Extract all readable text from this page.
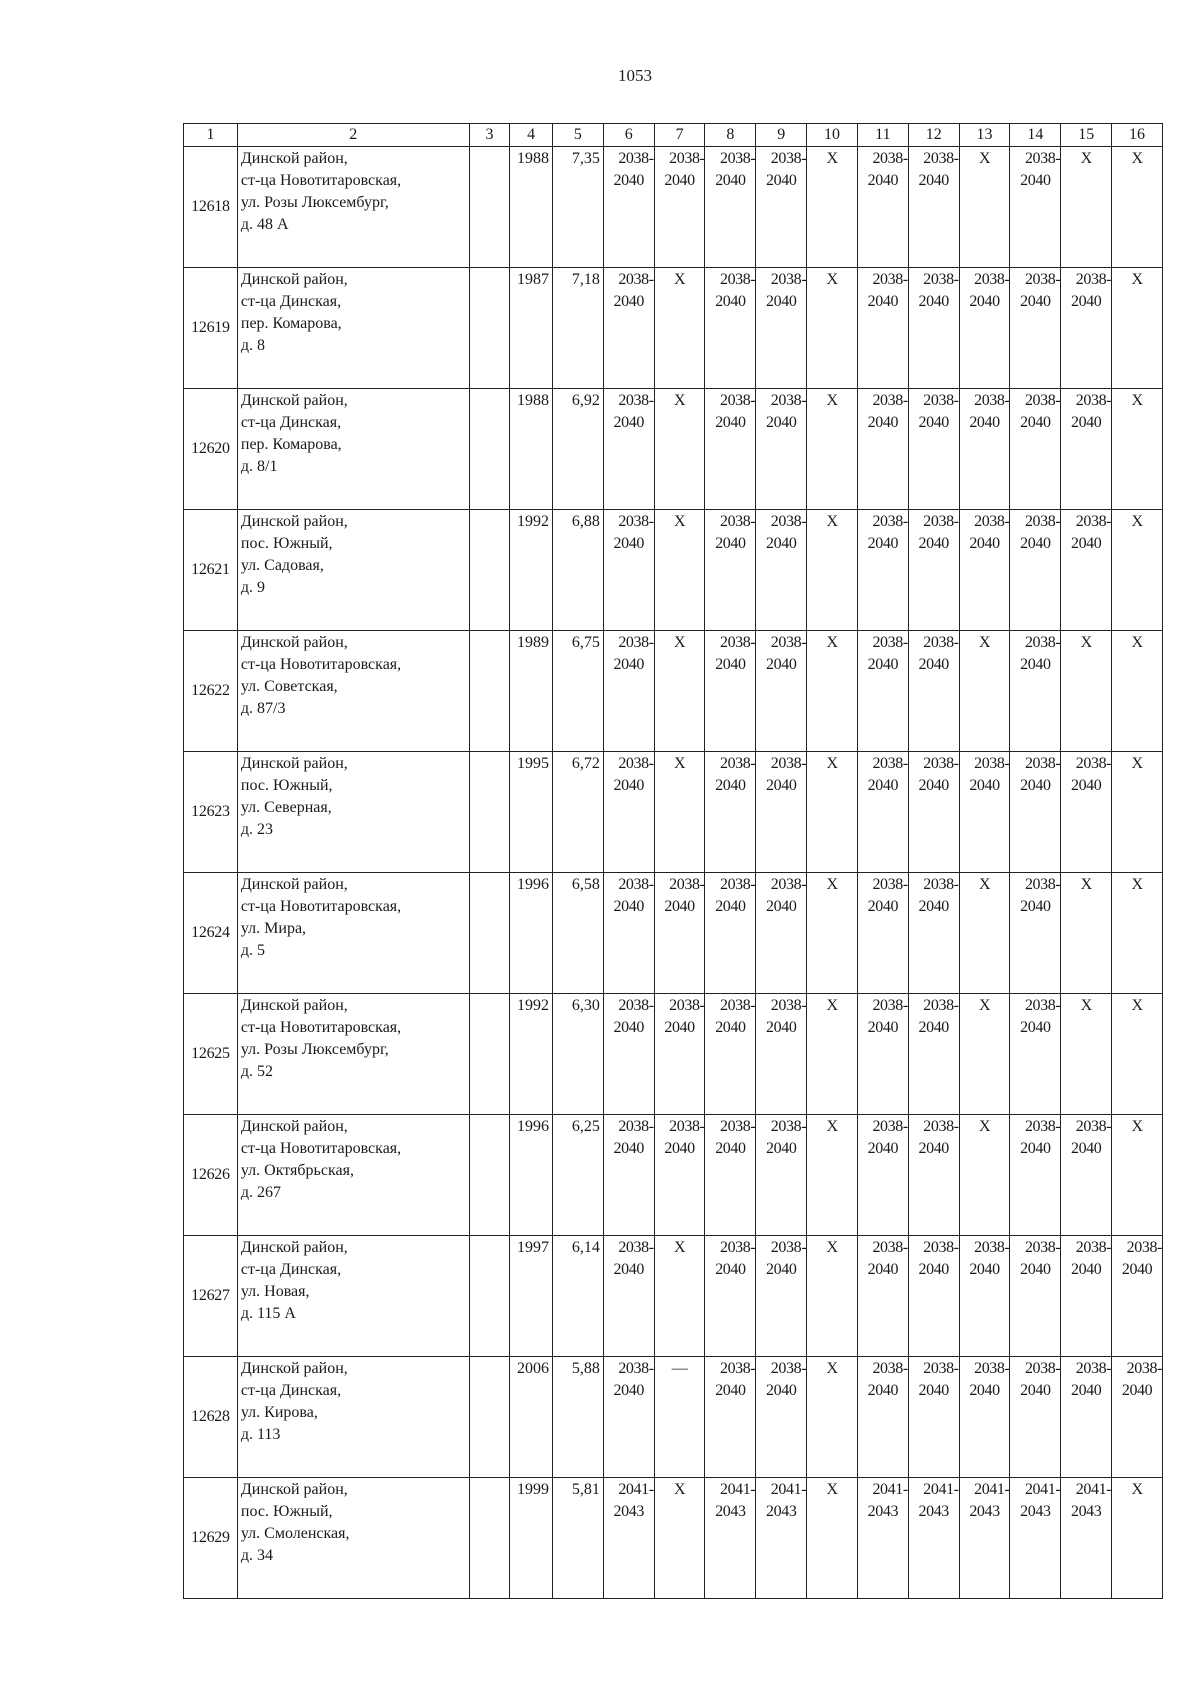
1053
1	2	3	4	5	6	7	8	9	10	11	12	13	14	15	16
12618	Динской район,
ст-ца Новотитаровская,
ул. Розы Люксембург,
д. 48 А		1988	7,35	2038-
2040	2038-
2040	2038-
2040	2038-
2040	X	2038-
2040	2038-
2040	X	2038-
2040	X	X

12619	Динской район,
ст-ца Динская,
пер. Комарова,
д. 8		1987	7,18	2038-
2040	X	2038-
2040	2038-
2040	X	2038-
2040	2038-
2040	2038-
2040	2038-
2040	2038-
2040	X

12620	Динской район,
ст-ца Динская,
пер. Комарова,
д. 8/1		1988	6,92	2038-
2040	X	2038-
2040	2038-
2040	X	2038-
2040	2038-
2040	2038-
2040	2038-
2040	2038-
2040	X

12621	Динской район,
пос. Южный,
ул. Садовая,
д. 9		1992	6,88	2038-
2040	X	2038-
2040	2038-
2040	X	2038-
2040	2038-
2040	2038-
2040	2038-
2040	2038-
2040	X

12622	Динской район,
ст-ца Новотитаровская,
ул. Советская,
д. 87/3		1989	6,75	2038-
2040	X	2038-
2040	2038-
2040	X	2038-
2040	2038-
2040	X	2038-
2040	X	X

12623	Динской район,
пос. Южный,
ул. Северная,
д. 23		1995	6,72	2038-
2040	X	2038-
2040	2038-
2040	X	2038-
2040	2038-
2040	2038-
2040	2038-
2040	2038-
2040	X

12624	Динской район,
ст-ца Новотитаровская,
ул. Мира,
д. 5		1996	6,58	2038-
2040	2038-
2040	2038-
2040	2038-
2040	X	2038-
2040	2038-
2040	X	2038-
2040	X	X

12625	Динской район,
ст-ца Новотитаровская,
ул. Розы Люксембург,
д. 52		1992	6,30	2038-
2040	2038-
2040	2038-
2040	2038-
2040	X	2038-
2040	2038-
2040	X	2038-
2040	X	X

12626	Динской район,
ст-ца Новотитаровская,
ул. Октябрьская,
д. 267		1996	6,25	2038-
2040	2038-
2040	2038-
2040	2038-
2040	X	2038-
2040	2038-
2040	X	2038-
2040	2038-
2040	X

12627	Динской район,
ст-ца Динская,
ул. Новая,
д. 115 А		1997	6,14	2038-
2040	X	2038-
2040	2038-
2040	X	2038-
2040	2038-
2040	2038-
2040	2038-
2040	2038-
2040	2038-
2040

12628	Динской район,
ст-ца Динская,
ул. Кирова,
д. 113		2006	5,88	2038-
2040	—	2038-
2040	2038-
2040	X	2038-
2040	2038-
2040	2038-
2040	2038-
2040	2038-
2040	2038-
2040

12629	Динской район,
пос. Южный,
ул. Смоленская,
д. 34		1999	5,81	2041-
2043	X	2041-
2043	2041-
2043	X	2041-
2043	2041-
2043	2041-
2043	2041-
2043	2041-
2043	X
